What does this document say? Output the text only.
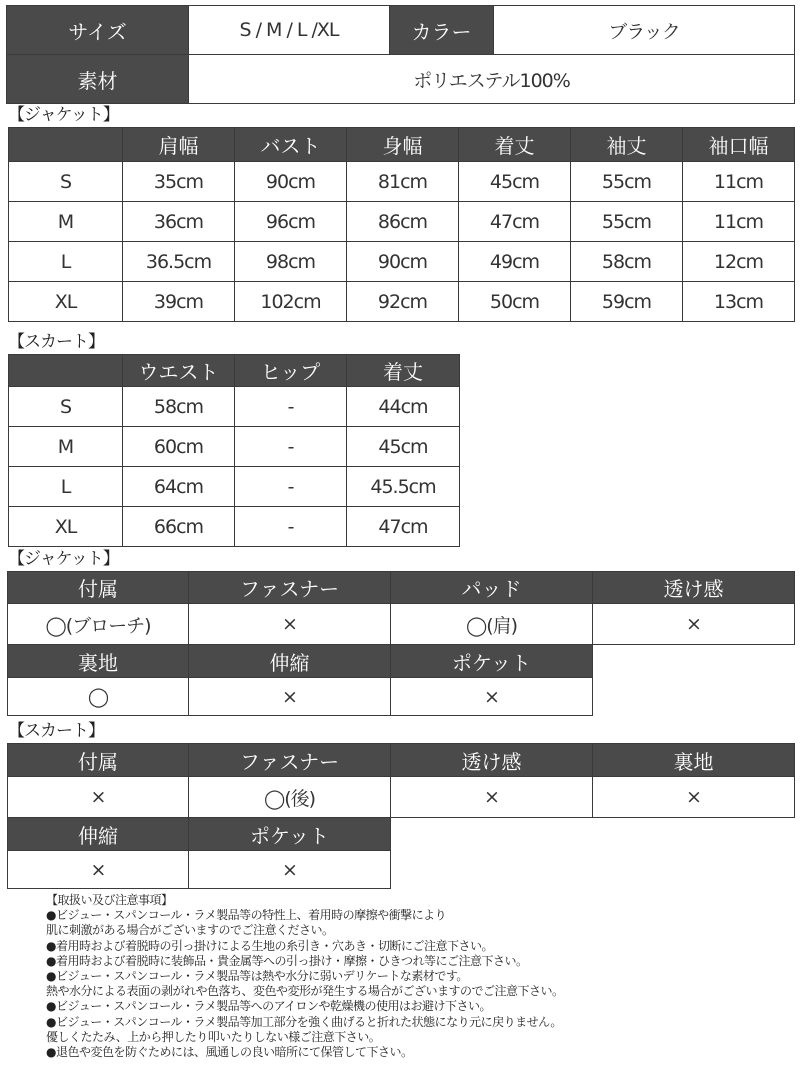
サイズ	S / M / L /XL	カラー	ブラック
素材	ポリエステル100%		
【ジャケット】
	肩幅	バスト	身幅	着丈	袖丈	袖口幅
S	35cm	90cm	81cm	45cm	55cm	11cm
M	36cm	96cm	86cm	47cm	55cm	11cm
L	36.5cm	98cm	90cm	49cm	58cm	12cm
XL	39cm	102cm	92cm	50cm	59cm	13cm
【スカート】
	ウエスト	ヒップ	着丈
S	58cm	-	44cm
M	60cm	-	45cm
L	64cm	-	45.5cm
XL	66cm	-	47cm
【ジャケット】
付属	ファスナー	パッド	透け感
◯(ブローチ)	×	◯(肩)	×
裏地	伸縮	ポケット	
◯	×	×	
【スカート】
付属	ファスナー	透け感	裏地
×	◯(後)	×	×
伸縮	ポケット		
×	×		
【取扱い及び注意事項】
●ビジュー・スパンコール・ラメ製品等の特性上、着用時の摩擦や衝撃により
肌に刺激がある場合がございますのでご注意ください。
●着用時および着脱時の引っ掛けによる生地の糸引き・穴あき・切断にご注意下さい。
●着用時および着脱時に装飾品・貴金属等への引っ掛け・摩擦・ひきつれ等にご注意下さい。
●ビジュー・スパンコール・ラメ製品等は熱や水分に弱いデリケートな素材です。
熱や水分による表面の剥がれや色落ち、変色や変形が発生する場合がございますのでご注意下さい。
●ビジュー・スパンコール・ラメ製品等へのアイロンや乾燥機の使用はお避け下さい。
●ビジュー・スパンコール・ラメ製品等加工部分を強く曲げると折れた状態になり元に戻りません。
優しくたたみ、上から押したり叩いたりしない様ご注意下さい。
●退色や変色を防ぐためには、風通しの良い暗所にて保管して下さい。
